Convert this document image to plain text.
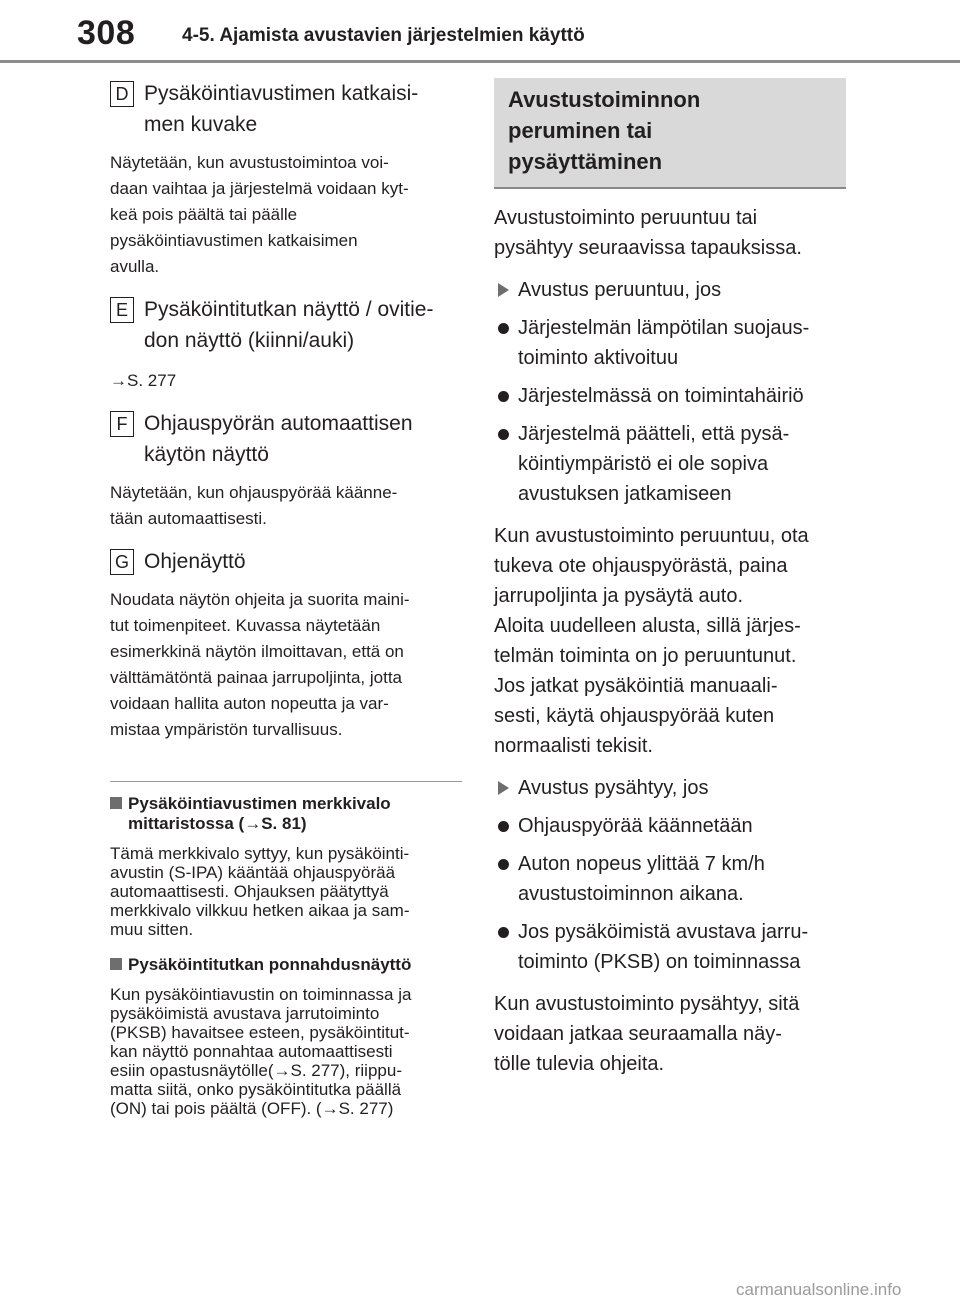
308 4-5. Ajamista avustavien järjestelmien käyttö
D Pysäköintiavustimen katkaisi-
men kuvake
Näytetään, kun avustustoimintoa voi-
daan vaihtaa ja järjestelmä voidaan kyt-
keä pois päältä tai päälle
pysäköintiavustimen katkaisimen
avulla.
E Pysäköintitutkan näyttö / ovitie-
don näyttö (kiinni/auki)
→S. 277
F Ohjauspyörän automaattisen
käytön näyttö
Näytetään, kun ohjauspyörää käänne-
tään automaattisesti.
G Ohjenäyttö
Noudata näytön ohjeita ja suorita maini-
tut toimenpiteet. Kuvassa näytetään
esimerkkinä näytön ilmoittavan, että on
välttämätöntä painaa jarrupoljinta, jotta
voidaan hallita auton nopeutta ja var-
mistaa ympäristön turvallisuus.
Pysäköintiavustimen merkkivalo
mittaristossa (→S. 81)
Tämä merkkivalo syttyy, kun pysäköinti-
avustin (S-IPA) kääntää ohjauspyörää
automaattisesti. Ohjauksen päätyttyä
merkkivalo vilkkuu hetken aikaa ja sam-
muu sitten.
Pysäköintitutkan ponnahdusnäyttö
Kun pysäköintiavustin on toiminnassa ja
pysäköimistä avustava jarrutoiminto
(PKSB) havaitsee esteen, pysäköintitut-
kan näyttö ponnahtaa automaattisesti
esiin opastusnäytölle(→S. 277), riippu-
matta siitä, onko pysäköintitutka päällä
(ON) tai pois päältä (OFF). (→S. 277)
Avustustoiminnon
peruminen tai
pysäyttäminen
Avustustoiminto peruuntuu tai
pysähtyy seuraavissa tapauksissa.
Avustus peruuntuu, jos
Järjestelmän lämpötilan suojaus-
toiminto aktivoituu
Järjestelmässä on toimintahäiriö
Järjestelmä päätteli, että pysä-
köintiympäristö ei ole sopiva
avustuksen jatkamiseen
Kun avustustoiminto peruuntuu, ota
tukeva ote ohjauspyörästä, paina
jarrupoljinta ja pysäytä auto.
Aloita uudelleen alusta, sillä järjes-
telmän toiminta on jo peruuntunut.
Jos jatkat pysäköintiä manuaali-
sesti, käytä ohjauspyörää kuten
normaalisti tekisit.
Avustus pysähtyy, jos
Ohjauspyörää käännetään
Auton nopeus ylittää 7 km/h
avustustoiminnon aikana.
Jos pysäköimistä avustava jarru-
toiminto (PKSB) on toiminnassa
Kun avustustoiminto pysähtyy, sitä
voidaan jatkaa seuraamalla näy-
tölle tulevia ohjeita.
carmanualsonline.info
